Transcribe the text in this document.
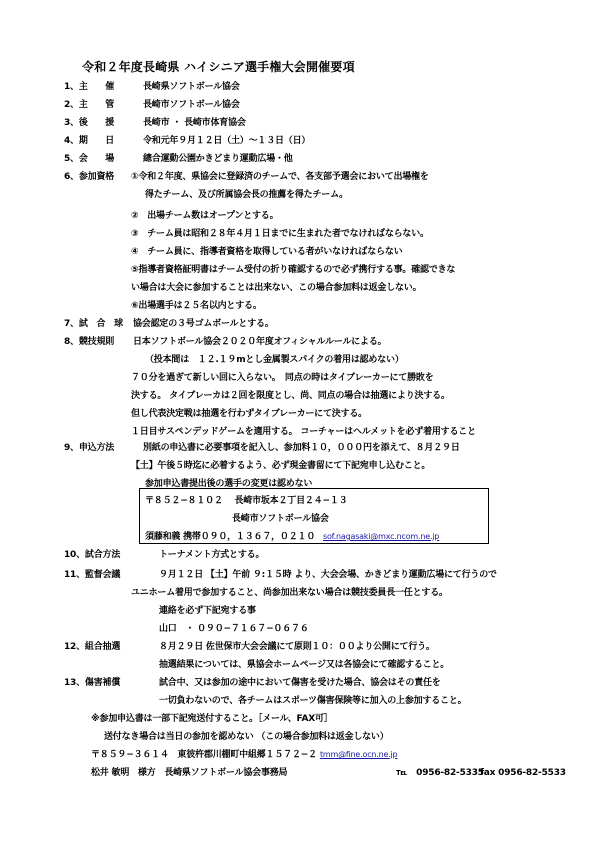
令和２年度長崎県 ハイシニア選手権大会開催要項
1、主　　催	長崎県ソフトボール協会
2、主　　管	長崎市ソフトボール協会
3、後　　援	長崎市 ・ 長崎市体育協会
4、期　　日	令和元年９月１２日（土）～１３日（日）
5、会　　場	總合運動公園かきどまり運動広場・他
6、参加資格 ①令和２年度、県協会に登録済のチームで、各支部予選会において出場権を
得たチーム、及び所属協会長の推薦を得たチーム。
②　出場チーム数はオープンとする。
③　チーム員は昭和２８年４月１日までに生まれた者でなければならない。
④　チーム員に、指導者資格を取得している者がいなければならない
⑤指導者資格証明書はチーム受付の折り確認するので必ず携行する事。確認できな
い場合は大会に参加することは出来ない、この場合参加料は返金しない。
⑥出場選手は２５名以内とする。
7、試　合　球 協会認定の３号ゴムボールとする。
8、競技規則 日本ソフトボール協会２０２０年度オフィシャルルールによる。
（投本間は　１２.１９mとし金属製スパイクの着用は認めない）
７０分を過ぎて新しい回に入らない。　同点の時はタイブレーカーにて勝敗を
決する。 タイブレーカは２回を限度とし、尚、同点の場合は抽選により決する。
但し代表決定戦は抽選を行わずタイブレーカーにて決する。
１日目サスペンデッドゲームを適用する。 コーチャーはヘルメットを必ず着用すること
9、申込方法	別紙の申込書に必要事項を記入し、参加料１０，０００円を添えて、８月２９日
【土】午後５時迄に必着するよう、必ず現金書留にて下記宛申し込むこと。
参加申込書提出後の選手の変更は認めない
〒８５２−８１０２　 長崎市坂本２丁目２４−１３
長崎市ソフトボール協会
須藤和義 携帯０９０，１３６７，０２１０ sof.nagasaki@mxc.ncom.ne.jp
10、試合方法	トーナメント方式とする。
11、監督会議	９月１２日 【土】午前 ９:１５時 より、大会会場、かきどまり運動広場にて行うので
ユニホーム着用で参加すること、尚参加出来ない場合は競技委員長一任とする。
連絡を必ず下記宛する事
山口　・ ０９０−７１６７−０６７６
12、組合抽選	８月２９日 佐世保市大会会議にて原則１０：００より公開にて行う。
抽選結果については、県協会ホームページ又は各協会にて確認すること。
13、傷害補償	試合中、又は参加の途中において傷害を受けた場合、協会はその責任を
一切負わないので、各チームはスポーツ傷害保険等に加入の上参加すること。
※参加申込書は一部下記宛送付すること。［メール、FAX可］
送付なき場合は当日の参加を認めない （この場合参加料は返金しない）
〒８５９−３６１４　東彼杵郡川棚町中組郷１５７２−２ tmm@fine.ocn.ne.jp
松井 敏明　様方　長崎県ソフトボール協会事務局	℡　0956-82-5335
fax 0956-82-5533
